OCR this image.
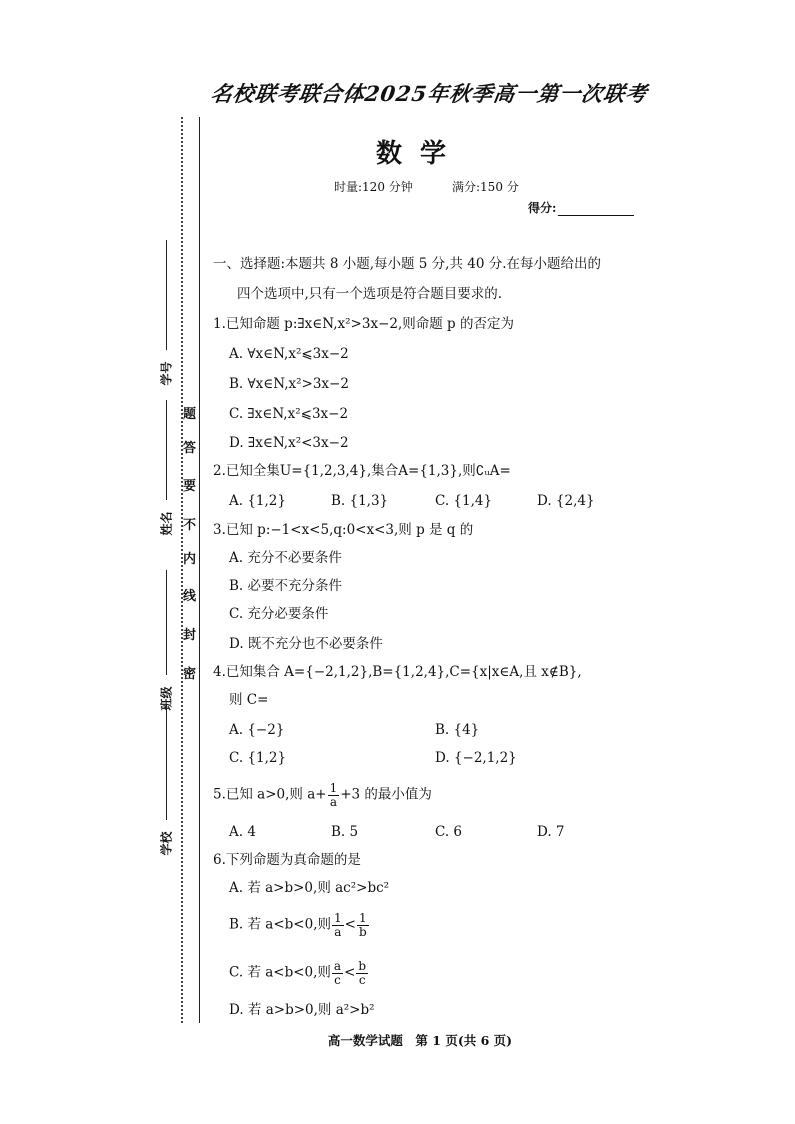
名校联考联合体2025年秋季高一第一次联考
数学
时量:120 分钟	满分:150 分
得分:
题
答
要
不
内
线
封
密
学号
姓名
班级
学校
一、选择题:本题共 8 小题,每小题 5 分,共 40 分.在每小题给出的
四个选项中,只有一个选项是符合题目要求的.
1.已知命题 p:∃x∈N,x²>3x−2,则命题 p 的否定为
A. ∀x∈N,x²⩽3x−2
B. ∀x∈N,x²>3x−2
C. ∃x∈N,x²⩽3x−2
D. ∃x∈N,x²<3x−2
2.已知全集U={1,2,3,4},集合A={1,3},则∁ᵤA=
A. {1,2}	B. {1,3}	C. {1,4}	D. {2,4}
3.已知 p:−1<x<5,q:0<x<3,则 p 是 q 的
A. 充分不必要条件
B. 必要不充分条件
C. 充分必要条件
D. 既不充分也不必要条件
4.已知集合 A={−2,1,2},B={1,2,4},C={x|x∈A,且 x∉B},
则 C=
A. {−2}	B. {4}
C. {1,2}	D. {−2,1,2}
5.已知 a>0,则 $a+ \frac{1}{a} +3$ 的最小值为
A. 4	B. 5	C. 6	D. 7
6.下列命题为真命题的是
A. 若 a>b>0,则 ac²>bc²
B. 若 a<b<0,则 $\frac{1}{a} < \frac{1}{b}$
C. 若 a<b<0,则 $\frac{a}{c} < \frac{b}{c}$
D. 若 a>b>0,则 a²>b²
高一数学试题　第 1 页(共 6 页)
